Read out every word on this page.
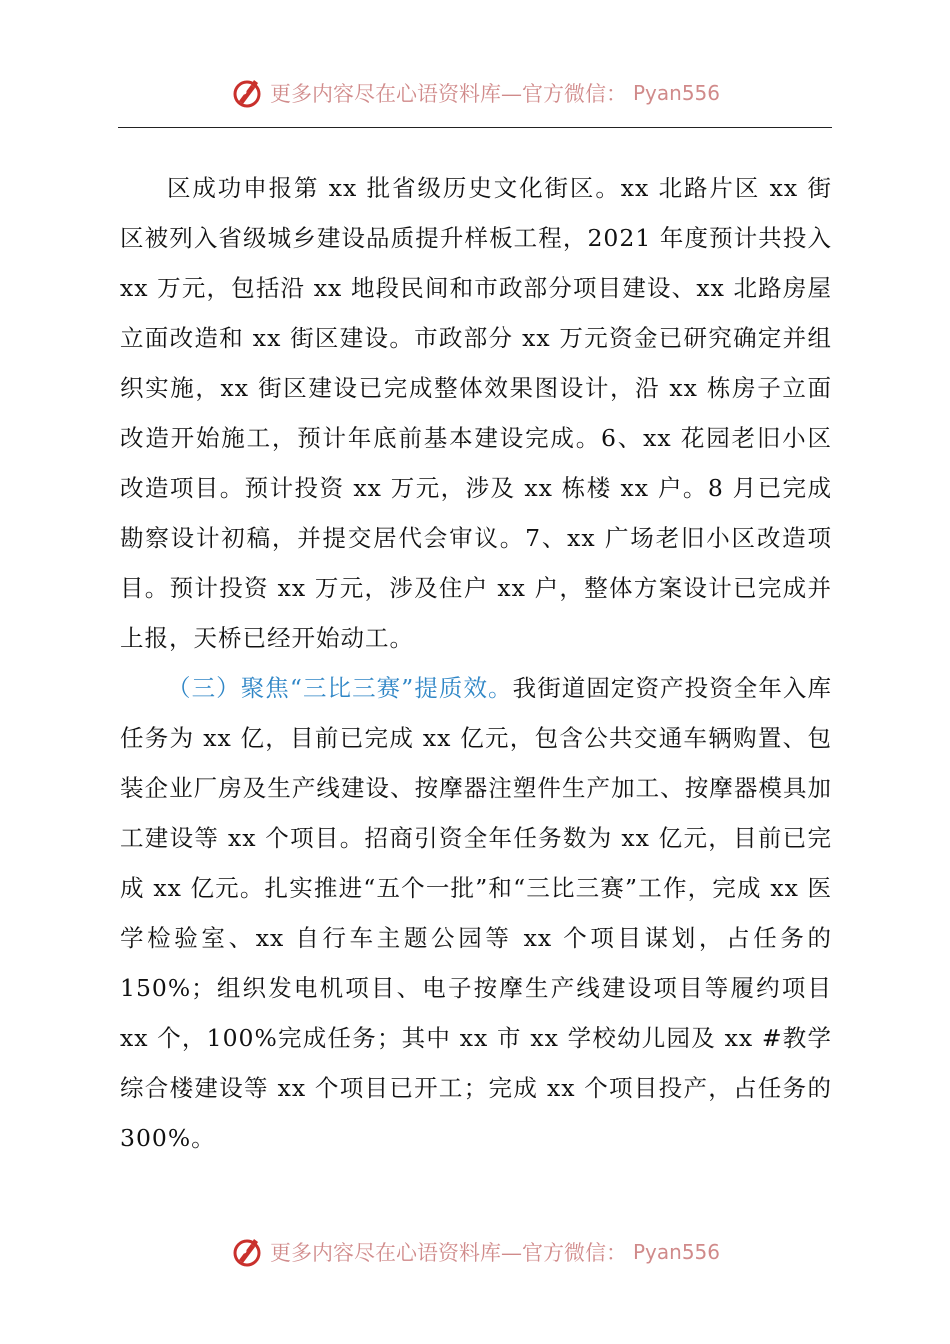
更多内容尽在心语资料库—官方微信： Pyan556

区成功申报第 xx 批省级历史文化街区。xx 北路片区 xx 街区被列入省级城乡建设品质提升样板工程，2021 年度预计共投入 xx 万元，包括沿 xx 地段民间和市政部分项目建设、xx 北路房屋立面改造和 xx 街区建设。市政部分 xx 万元资金已研究确定并组织实施，xx 街区建设已完成整体效果图设计，沿 xx 栋房子立面改造开始施工，预计年底前基本建设完成。6、xx 花园老旧小区改造项目。预计投资 xx 万元，涉及 xx 栋楼 xx 户。8 月已完成勘察设计初稿，并提交居代会审议。7、xx 广场老旧小区改造项目。预计投资 xx 万元，涉及住户 xx 户，整体方案设计已完成并上报，天桥已经开始动工。

（三）聚焦“三比三赛”提质效。我街道固定资产投资全年入库任务为 xx 亿，目前已完成 xx 亿元，包含公共交通车辆购置、包装企业厂房及生产线建设、按摩器注塑件生产加工、按摩器模具加工建设等 xx 个项目。招商引资全年任务数为 xx 亿元，目前已完成 xx 亿元。扎实推进“五个一批”和“三比三赛”工作，完成 xx 医学检验室、xx 自行车主题公园等 xx 个项目谋划，占任务的 150%；组织发电机项目、电子按摩生产线建设项目等履约项目 xx 个，100%完成任务；其中 xx 市 xx 学校幼儿园及 xx #教学综合楼建设等 xx 个项目已开工；完成 xx 个项目投产，占任务的 300%。

更多内容尽在心语资料库—官方微信： Pyan556
